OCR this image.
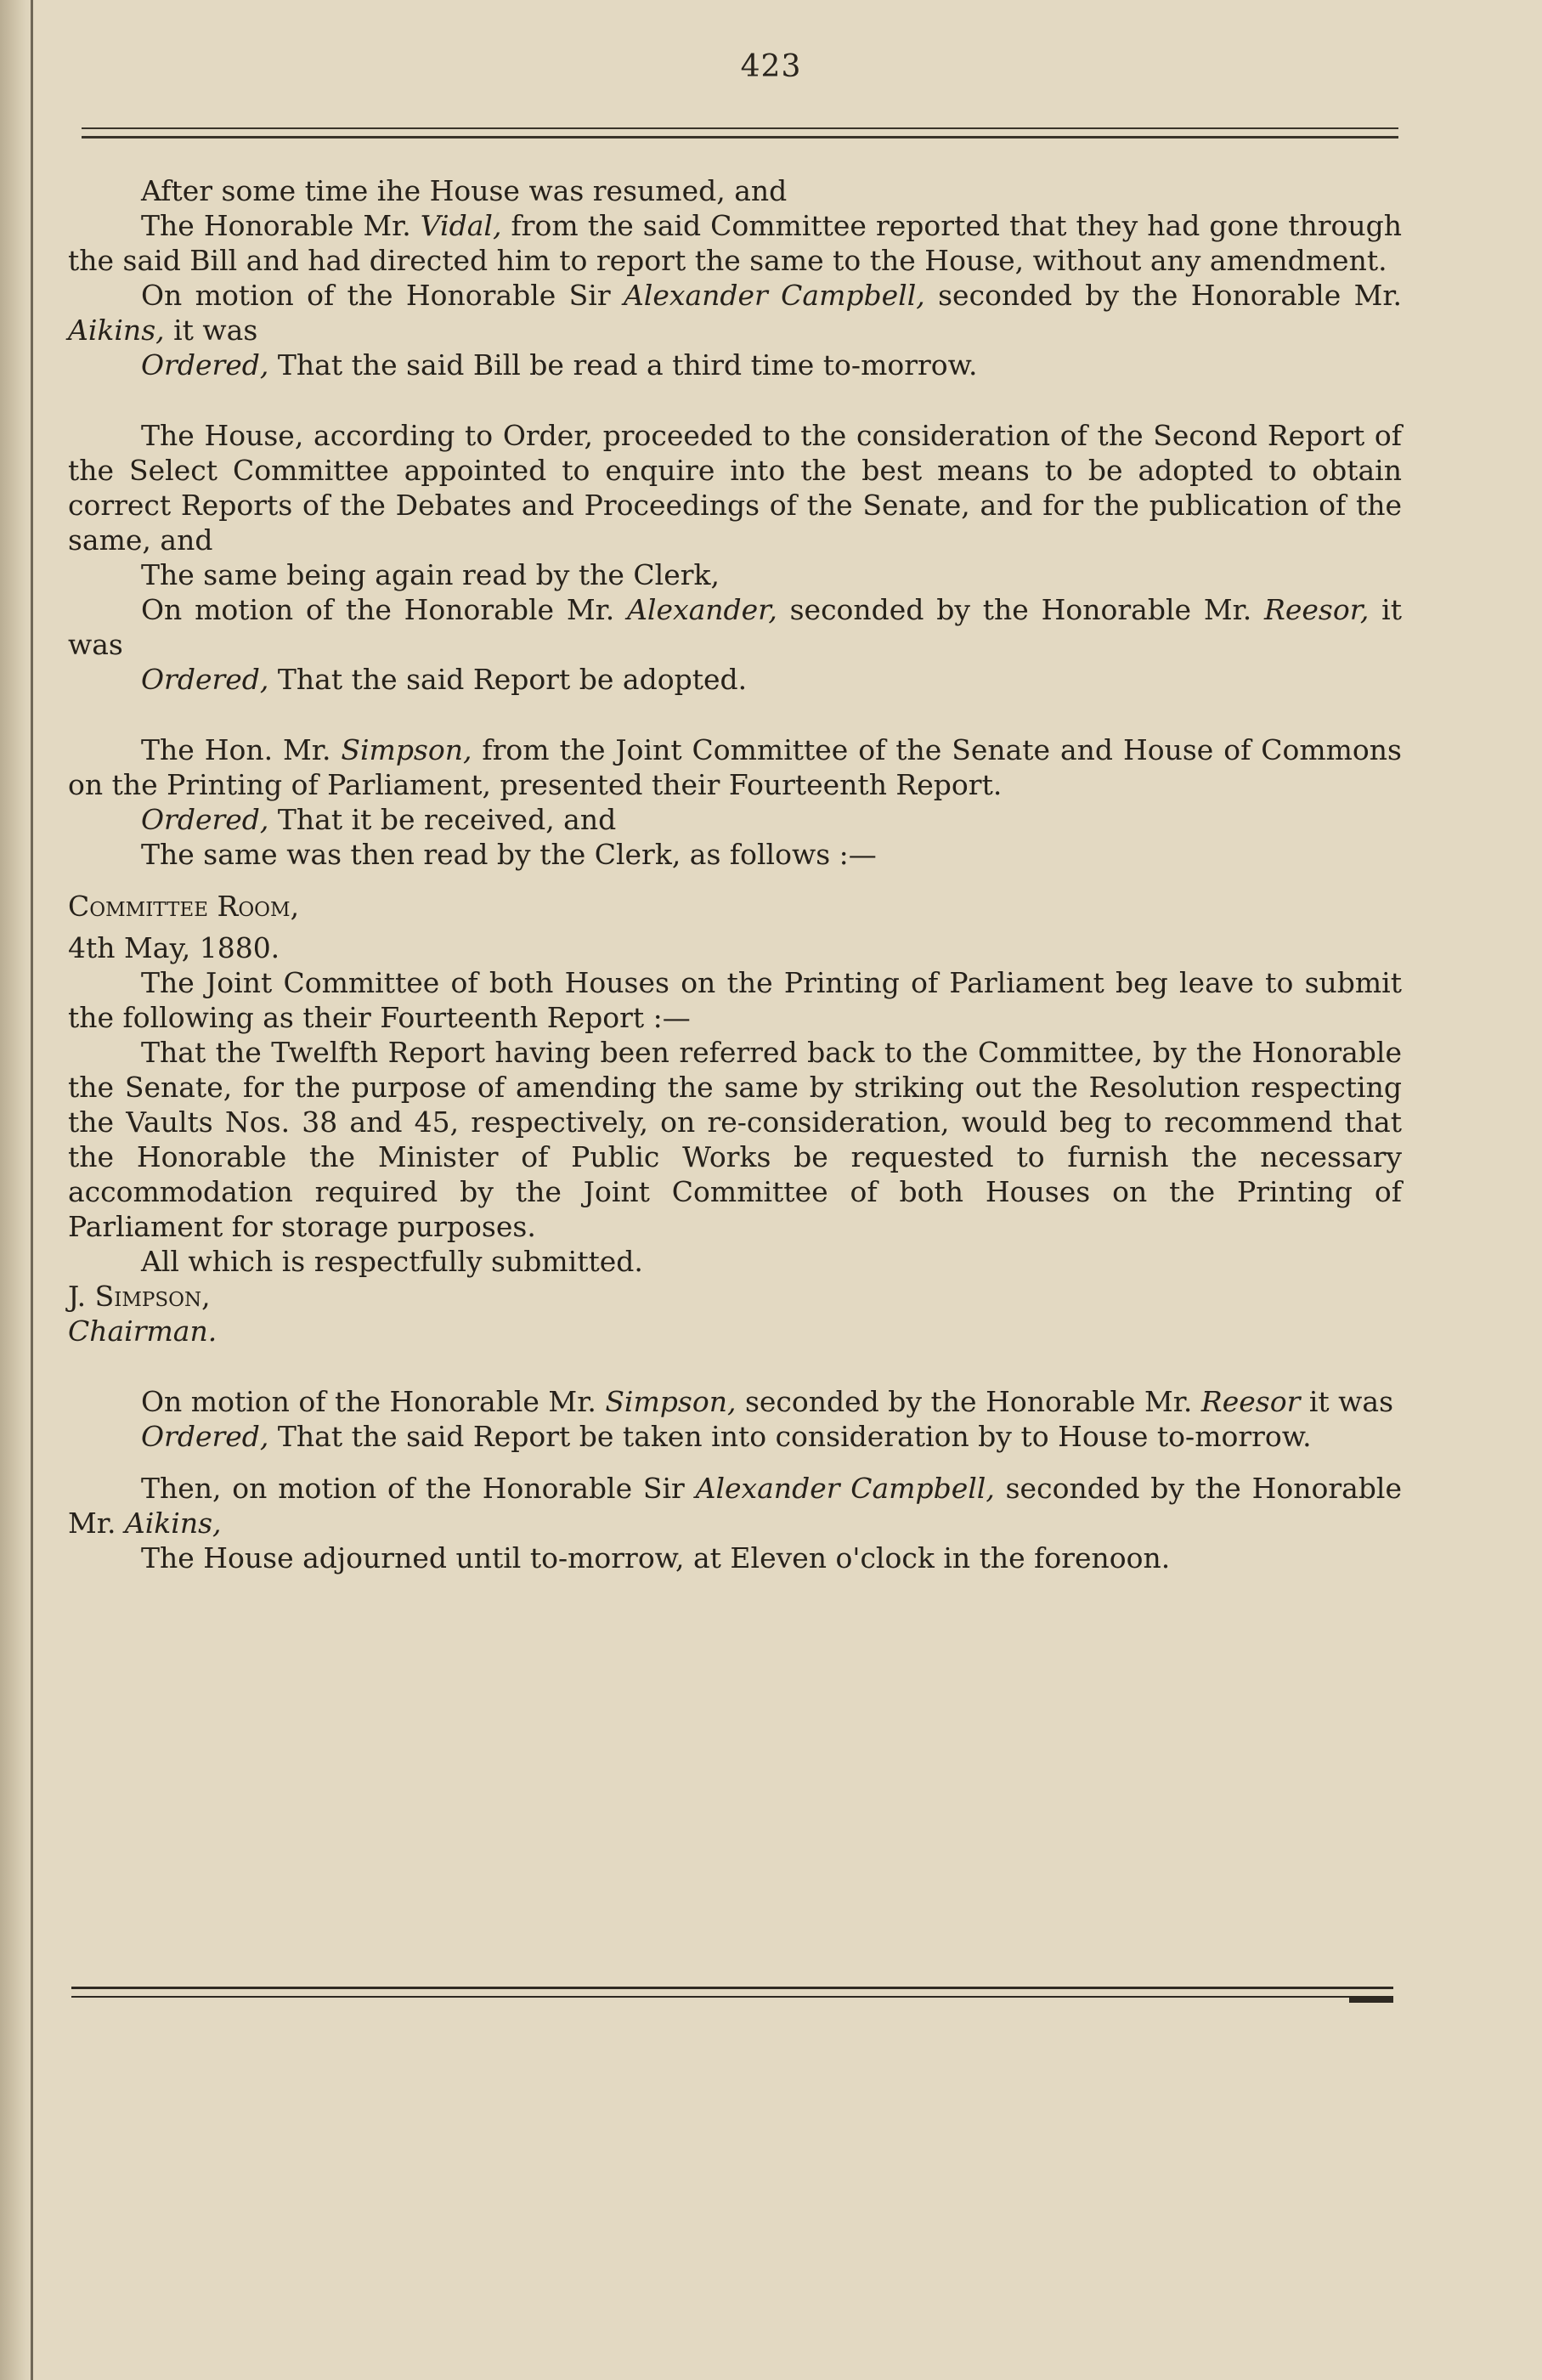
423

After some time ihe House was resumed, and

The Honorable Mr. Vidal, from the said Committee reported that they had gone through the said Bill and had directed him to report the same to the House, without any amendment.

On motion of the Honorable Sir Alexander Campbell, seconded by the Honorable Mr. Aikins, it was

Ordered, That the said Bill be read a third time to-morrow.

The House, according to Order, proceeded to the consideration of the Second Report of the Select Committee appointed to enquire into the best means to be adopted to obtain correct Reports of the Debates and Proceedings of the Senate, and for the publication of the same, and

The same being again read by the Clerk,

On motion of the Honorable Mr. Alexander, seconded by the Honorable Mr. Reesor, it was

Ordered, That the said Report be adopted.

The Hon. Mr. Simpson, from the Joint Committee of the Senate and House of Commons on the Printing of Parliament, presented their Fourteenth Report.

Ordered, That it be received, and

The same was then read by the Clerk, as follows :—

Committee Room,

4th May, 1880.

The Joint Committee of both Houses on the Printing of Parliament beg leave to submit the following as their Fourteenth Report :—

That the Twelfth Report having been referred back to the Committee, by the Honorable the Senate, for the purpose of amending the same by striking out the Resolution respecting the Vaults Nos. 38 and 45, respectively, on re-consideration, would beg to recommend that the Honorable the Minister of Public Works be requested to furnish the necessary accommodation required by the Joint Committee of both Houses on the Printing of Parliament for storage purposes.

All which is respectfully submitted.

J. Simpson,

Chairman.

On motion of the Honorable Mr. Simpson, seconded by the Honorable Mr. Reesor it was

Ordered, That the said Report be taken into consideration by to House to-morrow.

Then, on motion of the Honorable Sir Alexander Campbell, seconded by the Honorable Mr. Aikins,

The House adjourned until to-morrow, at Eleven o'clock in the forenoon.
